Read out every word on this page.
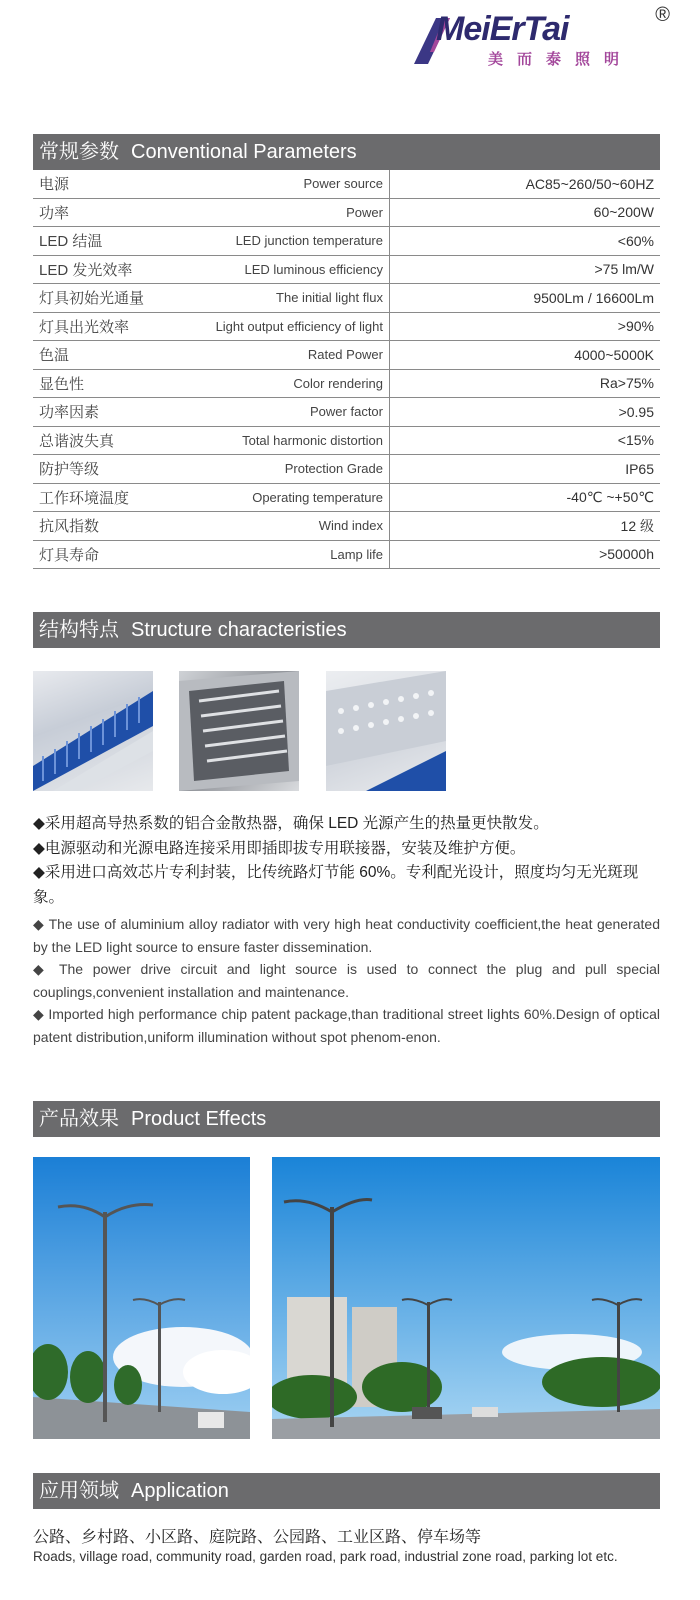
MeiErTai
美而泰照明
®
常规参数 Conventional Parameters
电源	Power source	AC85~260/50~60HZ
功率	Power	60~200W
LED 结温	LED junction temperature	<60%
LED 发光效率	LED luminous efficiency	>75 lm/W
灯具初始光通量	The initial light flux	9500Lm / 16600Lm
灯具出光效率	Light output efficiency of light	>90%
色温	Rated Power	4000~5000K
显色性	Color rendering	Ra>75%
功率因素	Power factor	>0.95
总谐波失真	Total harmonic distortion	<15%
防护等级	Protection Grade	IP65
工作环境温度	Operating temperature	-40℃ ~+50℃
抗风指数	Wind index	12 级
灯具寿命	Lamp life	>50000h
结构特点 Structure characteristies

◆采用超高导热系数的铝合金散热器，确保 LED 光源产生的热量更快散发。

◆电源驱动和光源电路连接采用即插即拔专用联接器，安装及维护方便。

◆采用进口高效芯片专利封装，比传统路灯节能 60%。专利配光设计，照度均匀无光斑现象。

◆ The use of aluminium alloy radiator with very high heat conductivity coefficient,the heat generated by the LED light source to ensure faster dissemination.

◆ The power drive circuit and light source is used to connect the plug and pull special couplings,convenient installation and maintenance.

◆ Imported high performance chip patent package,than traditional street lights 60%.Design of optical patent distribution,uniform illumination without spot phenom-enon.

产品效果 Product Effects
应用领域 Application
公路、乡村路、小区路、庭院路、公园路、工业区路、停车场等
Roads, village road, community road, garden road, park road, industrial zone road, parking lot etc.
